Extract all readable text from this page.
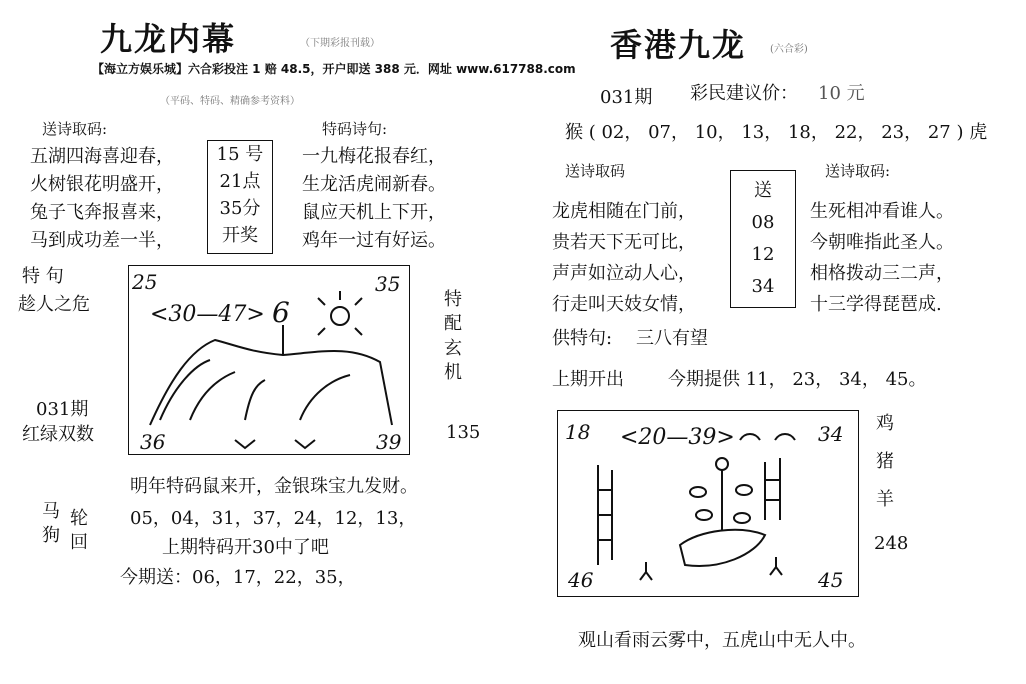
九龙内幕	（下期彩报刊载）
（平码、特码、精确参考资料）
送诗取码:
五湖四海喜迎春，
火树银花明盛开，
兔子飞奔报喜来，
马到成功差一半，
15 号
21点
35分
开奖
特码诗句:
一九梅花报春红，
生龙活虎闹新春。
鼠应天机上下开，
鸡年一过有好运。
特 句
趁人之危
031期
红绿双数
25	35
36	39
<30—47> 6	特
配
玄
机
135
马
狗
轮
回
明年特码鼠来开，金银珠宝九发财。
05，04，31，37，24，12，13，
上期特码开30中了吧
今期送：06，17，22，35，
【海立方娱乐城】六合彩投注 1 赔 48.5，开户即送 388 元．网址 www.617788.com
香港九龙 (六合彩)
031期 彩民建议价： 10 元
猴 ( 02， 07， 10， 13， 18， 22， 23， 27 ) 虎
送诗取码
龙虎相随在门前，
贵若天下无可比，
声声如泣动人心，
行走叫天妓女情，
送
08
12
34
送诗取码:
生死相冲看谁人。
今朝唯指此圣人。
相格拨动三二声，
十三学得琵琶成.
供特句: 三八有望
上期开出 今期提供 11， 23， 34， 45。
18	34
46	45
<20—39>
鸡
猪
羊
248
观山看雨云雾中，五虎山中无人中。
